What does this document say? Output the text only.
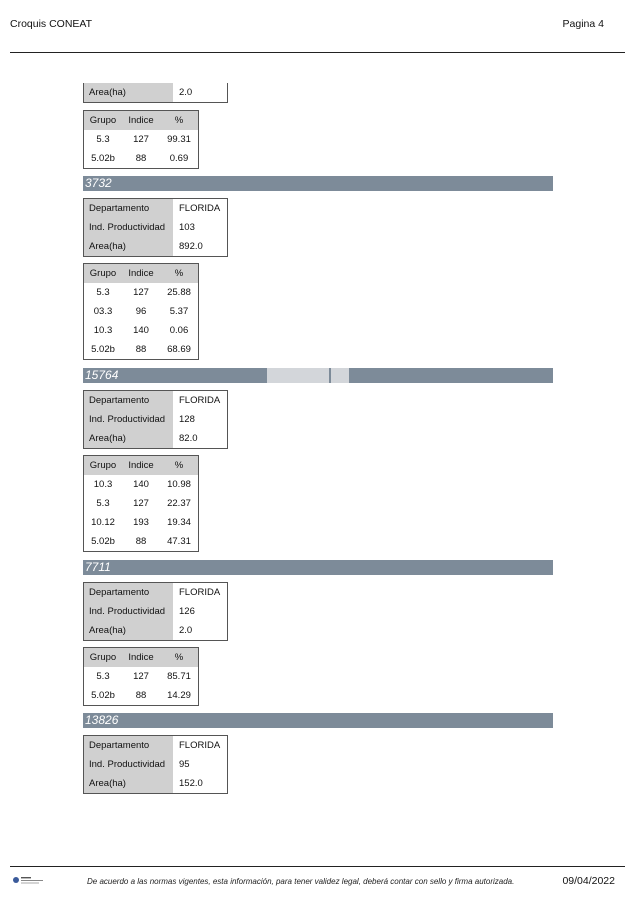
Croquis CONEAT	Pagina 4
Area(ha)	2.0
Grupo	Indice	%
5.3	127	99.31
5.02b	88	0.69
3732
Departamento	FLORIDA
Ind. Productividad	103
Area(ha)	892.0
Grupo	Indice	%
5.3	127	25.88
03.3	96	5.37
10.3	140	0.06
5.02b	88	68.69
15764
Departamento	FLORIDA
Ind. Productividad	128
Area(ha)	82.0
Grupo	Indice	%
10.3	140	10.98
5.3	127	22.37
10.12	193	19.34
5.02b	88	47.31
7711
Departamento	FLORIDA
Ind. Productividad	126
Area(ha)	2.0
Grupo	Indice	%
5.3	127	85.71
5.02b	88	14.29
13826
Departamento	FLORIDA
Ind. Productividad	95
Area(ha)	152.0
De acuerdo a las normas vigentes, esta información, para tener validez legal, deberá contar con sello y firma autorizada.	09/04/2022
